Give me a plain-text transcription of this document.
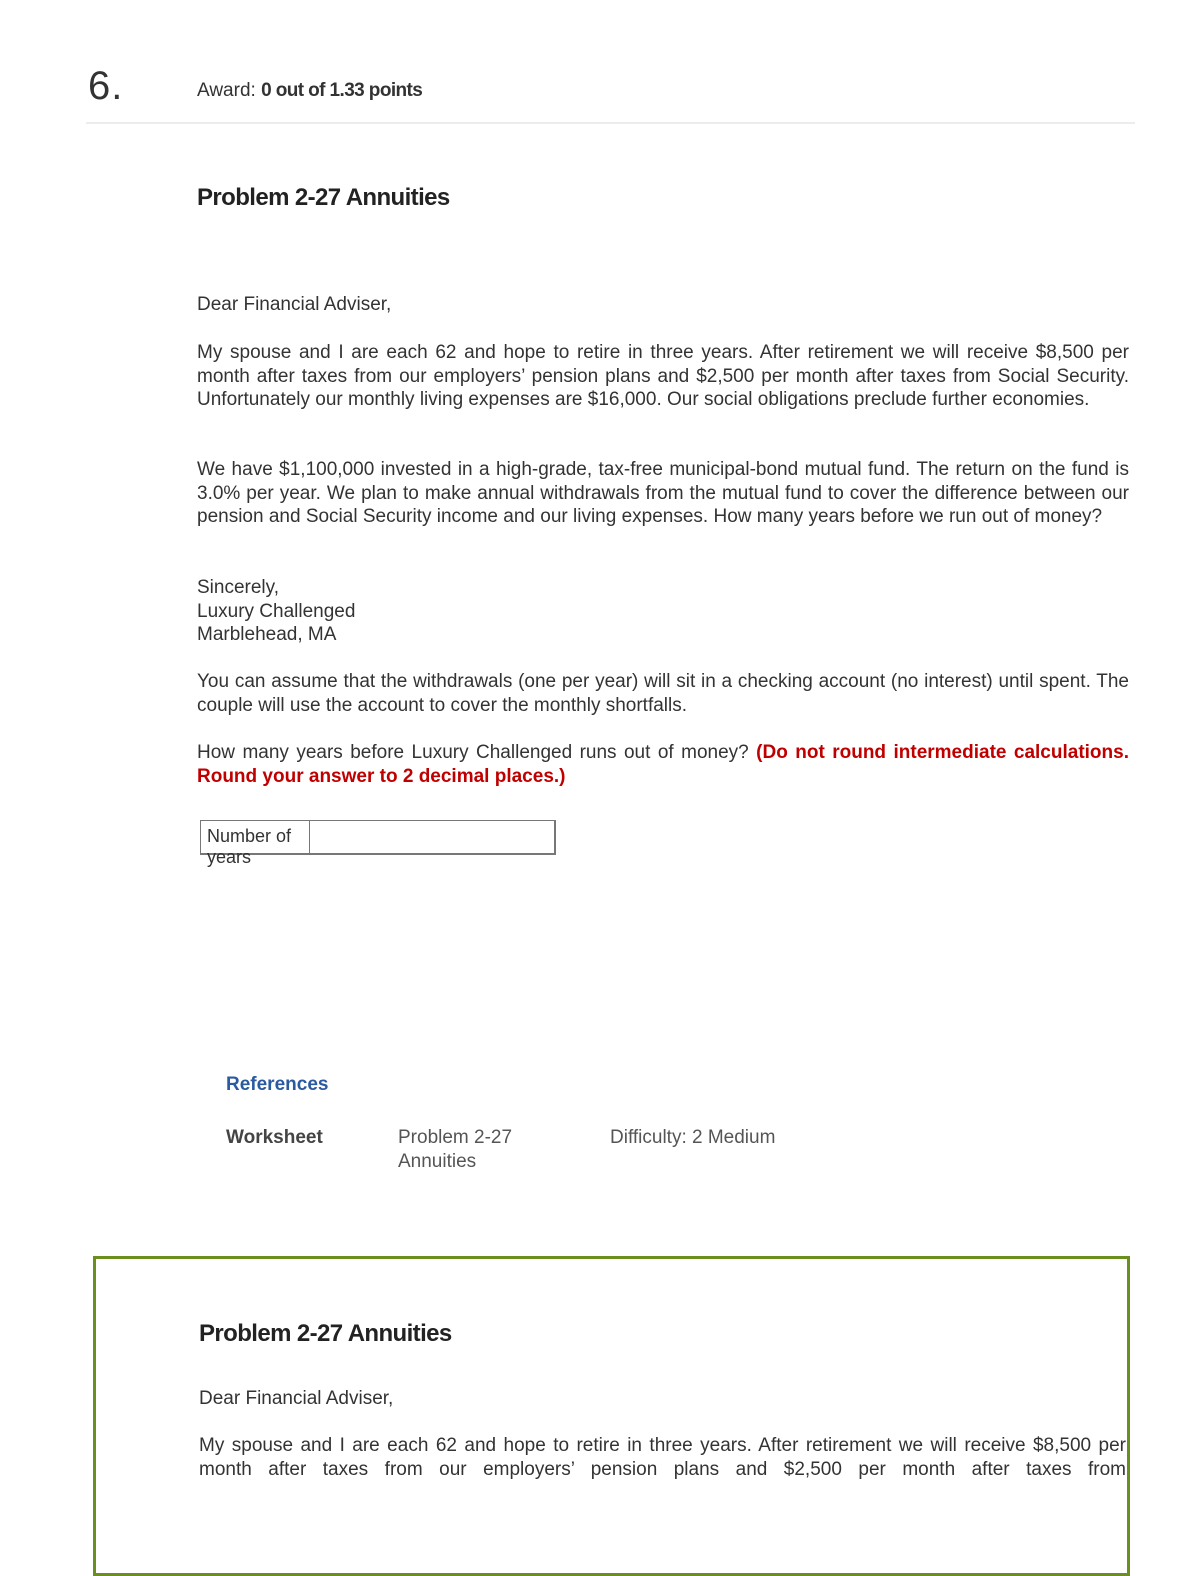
6.	Award: 0 out of 1.33 points
Problem 2-27 Annuities
Dear Financial Adviser,
My spouse and I are each 62 and hope to retire in three years. After retirement we will receive $8,500 per month after taxes from our employers’ pension plans and $2,500 per month after taxes from Social Security. Unfortunately our monthly living expenses are $16,000. Our social obligations preclude further economies.
We have $1,100,000 invested in a high-grade, tax-free municipal-bond mutual fund. The return on the fund is 3.0% per year. We plan to make annual withdrawals from the mutual fund to cover the difference between our pension and Social Security income and our living expenses. How many years before we run out of money?
Sincerely,
Luxury Challenged
Marblehead, MA
You can assume that the withdrawals (one per year) will sit in a checking account (no interest) until spent. The couple will use the account to cover the monthly shortfalls.
How many years before Luxury Challenged runs out of money? (Do not round intermediate calculations. Round your answer to 2 decimal places.)
Number of years
References
Worksheet	Problem 2-27 Annuities
Difficulty: 2 Medium
Problem 2-27 Annuities
Dear Financial Adviser,
My spouse and I are each 62 and hope to retire in three years. After retirement we will receive $8,500 per month after taxes from our employers’ pension plans and $2,500 per month after taxes from
